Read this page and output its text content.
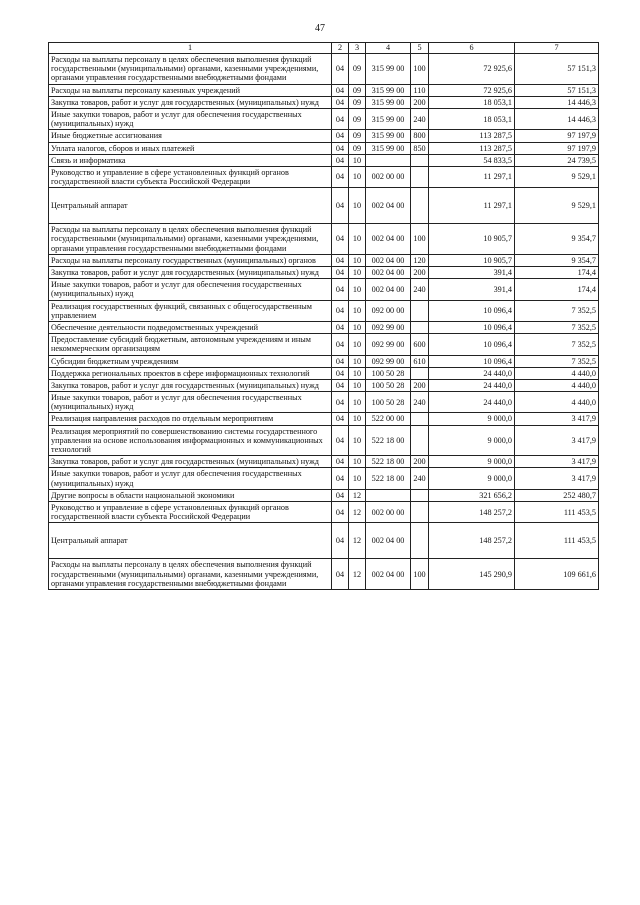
47
1	2	3	4	5	6	7
Расходы на выплаты персоналу в целях обеспечения выполнения функций государственными (муниципальными) органами, казенными учреждениями, органами управления государственными внебюджетными фондами	04	09	315 99 00	100	72 925,6	57 151,3
Расходы на выплаты персоналу казенных учреждений	04	09	315 99 00	110	72 925,6	57 151,3
Закупка товаров, работ и услуг для государственных (муниципальных) нужд	04	09	315 99 00	200	18 053,1	14 446,3
Иные закупки товаров, работ и услуг для обеспечения государственных (муниципальных) нужд	04	09	315 99 00	240	18 053,1	14 446,3
Иные бюджетные ассигнования	04	09	315 99 00	800	113 287,5	97 197,9
Уплата налогов, сборов и иных платежей	04	09	315 99 00	850	113 287,5	97 197,9
Связь и информатика	04	10			54 833,5	24 739,5
Руководство и управление в сфере установленных функций органов государственной власти субъекта Российской Федерации	04	10	002 00 00		11 297,1	9 529,1
Центральный аппарат	04	10	002 04 00		11 297,1	9 529,1
Расходы на выплаты персоналу в целях обеспечения выполнения функций государственными (муниципальными) органами, казенными учреждениями, органами управления государственными внебюджетными фондами	04	10	002 04 00	100	10 905,7	9 354,7
Расходы на выплаты персоналу государственных (муниципальных) органов	04	10	002 04 00	120	10 905,7	9 354,7
Закупка товаров, работ и услуг для государственных (муниципальных) нужд	04	10	002 04 00	200	391,4	174,4
Иные закупки товаров, работ и услуг для обеспечения государственных (муниципальных) нужд	04	10	002 04 00	240	391,4	174,4
Реализация государственных функций, связанных с общегосударственным управлением	04	10	092 00 00		10 096,4	7 352,5
Обеспечение деятельности подведомственных учреждений	04	10	092 99 00		10 096,4	7 352,5
Предоставление субсидий бюджетным, автономным учреждениям и иным некоммерческим организациям	04	10	092 99 00	600	10 096,4	7 352,5
Субсидии бюджетным учреждениям	04	10	092 99 00	610	10 096,4	7 352,5
Поддержка региональных проектов в сфере информационных технологий	04	10	100 50 28		24 440,0	4 440,0
Закупка товаров, работ и услуг для государственных (муниципальных) нужд	04	10	100 50 28	200	24 440,0	4 440,0
Иные закупки товаров, работ и услуг для обеспечения государственных (муниципальных) нужд	04	10	100 50 28	240	24 440,0	4 440,0
Реализация направления расходов по отдельным мероприятиям	04	10	522 00 00		9 000,0	3 417,9
Реализация мероприятий по совершенствованию системы государственного управления на основе использования информационных и коммуникационных технологий	04	10	522 18 00		9 000,0	3 417,9
Закупка товаров, работ и услуг для государственных (муниципальных) нужд	04	10	522 18 00	200	9 000,0	3 417,9
Иные закупки товаров, работ и услуг для обеспечения государственных (муниципальных) нужд	04	10	522 18 00	240	9 000,0	3 417,9
Другие вопросы в области национальной экономики	04	12			321 656,2	252 480,7
Руководство и управление в сфере установленных функций органов государственной власти субъекта Российской Федерации	04	12	002 00 00		148 257,2	111 453,5
Центральный аппарат	04	12	002 04 00		148 257,2	111 453,5
Расходы на выплаты персоналу в целях обеспечения выполнения функций государственными (муниципальными) органами, казенными учреждениями, органами управления государственными внебюджетными фондами	04	12	002 04 00	100	145 290,9	109 661,6
